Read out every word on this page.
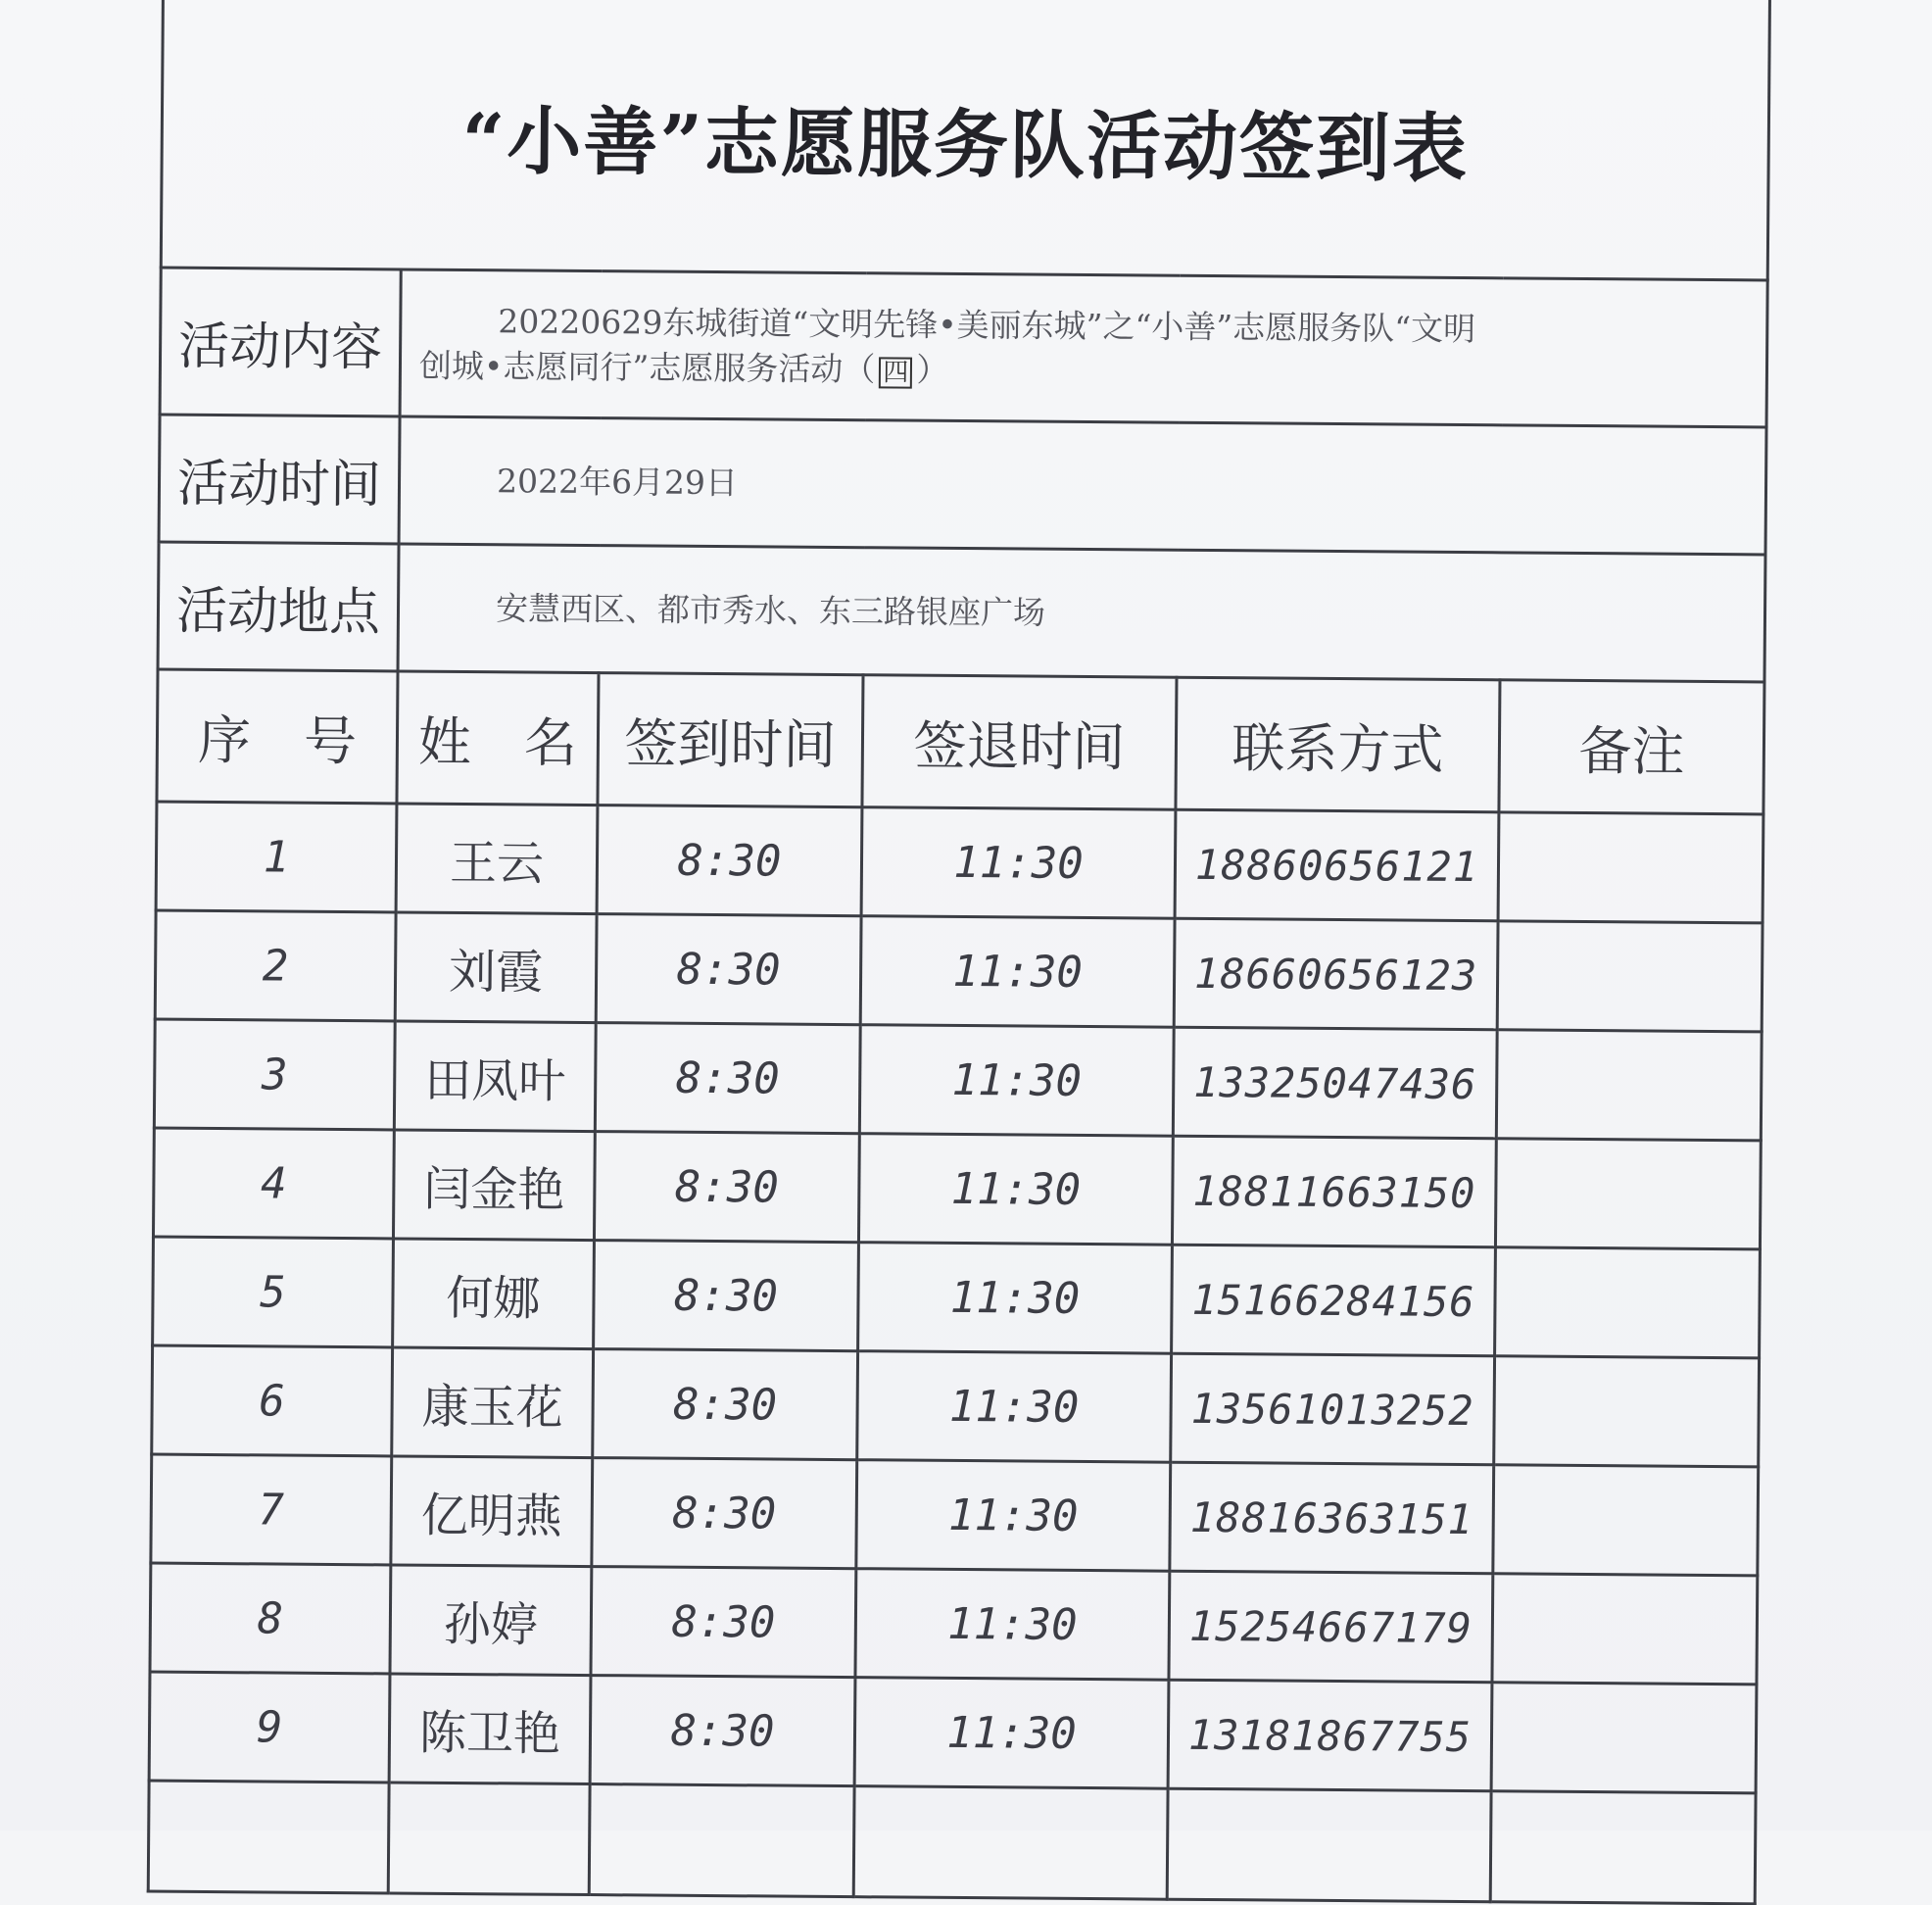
“小善”志愿服务队活动签到表					
活动内容	20220629东城街道“文明先锋•美丽东城”之“小善”志愿服务队“文明
创城•志愿同行”志愿服务活动（ 四 ）				
活动时间	2022年6月29日				
活动地点	安慧西区、都市秀水、东三路银座广场				
序　号	姓　名	签到时间	签退时间	联系方式	备注
1	王云	8:30	11:30	18860656121	
2	刘霞	8:30	11:30	18660656123	
3	田凤叶	8:30	11:30	13325047436	
4	闫金艳	8:30	11:30	18811663150	
5	何娜	8:30	11:30	15166284156	
6	康玉花	8:30	11:30	13561013252	
7	亿明燕	8:30	11:30	18816363151	
8	孙婷	8:30	11:30	15254667179	
9	陈卫艳	8:30	11:30	13181867755	
